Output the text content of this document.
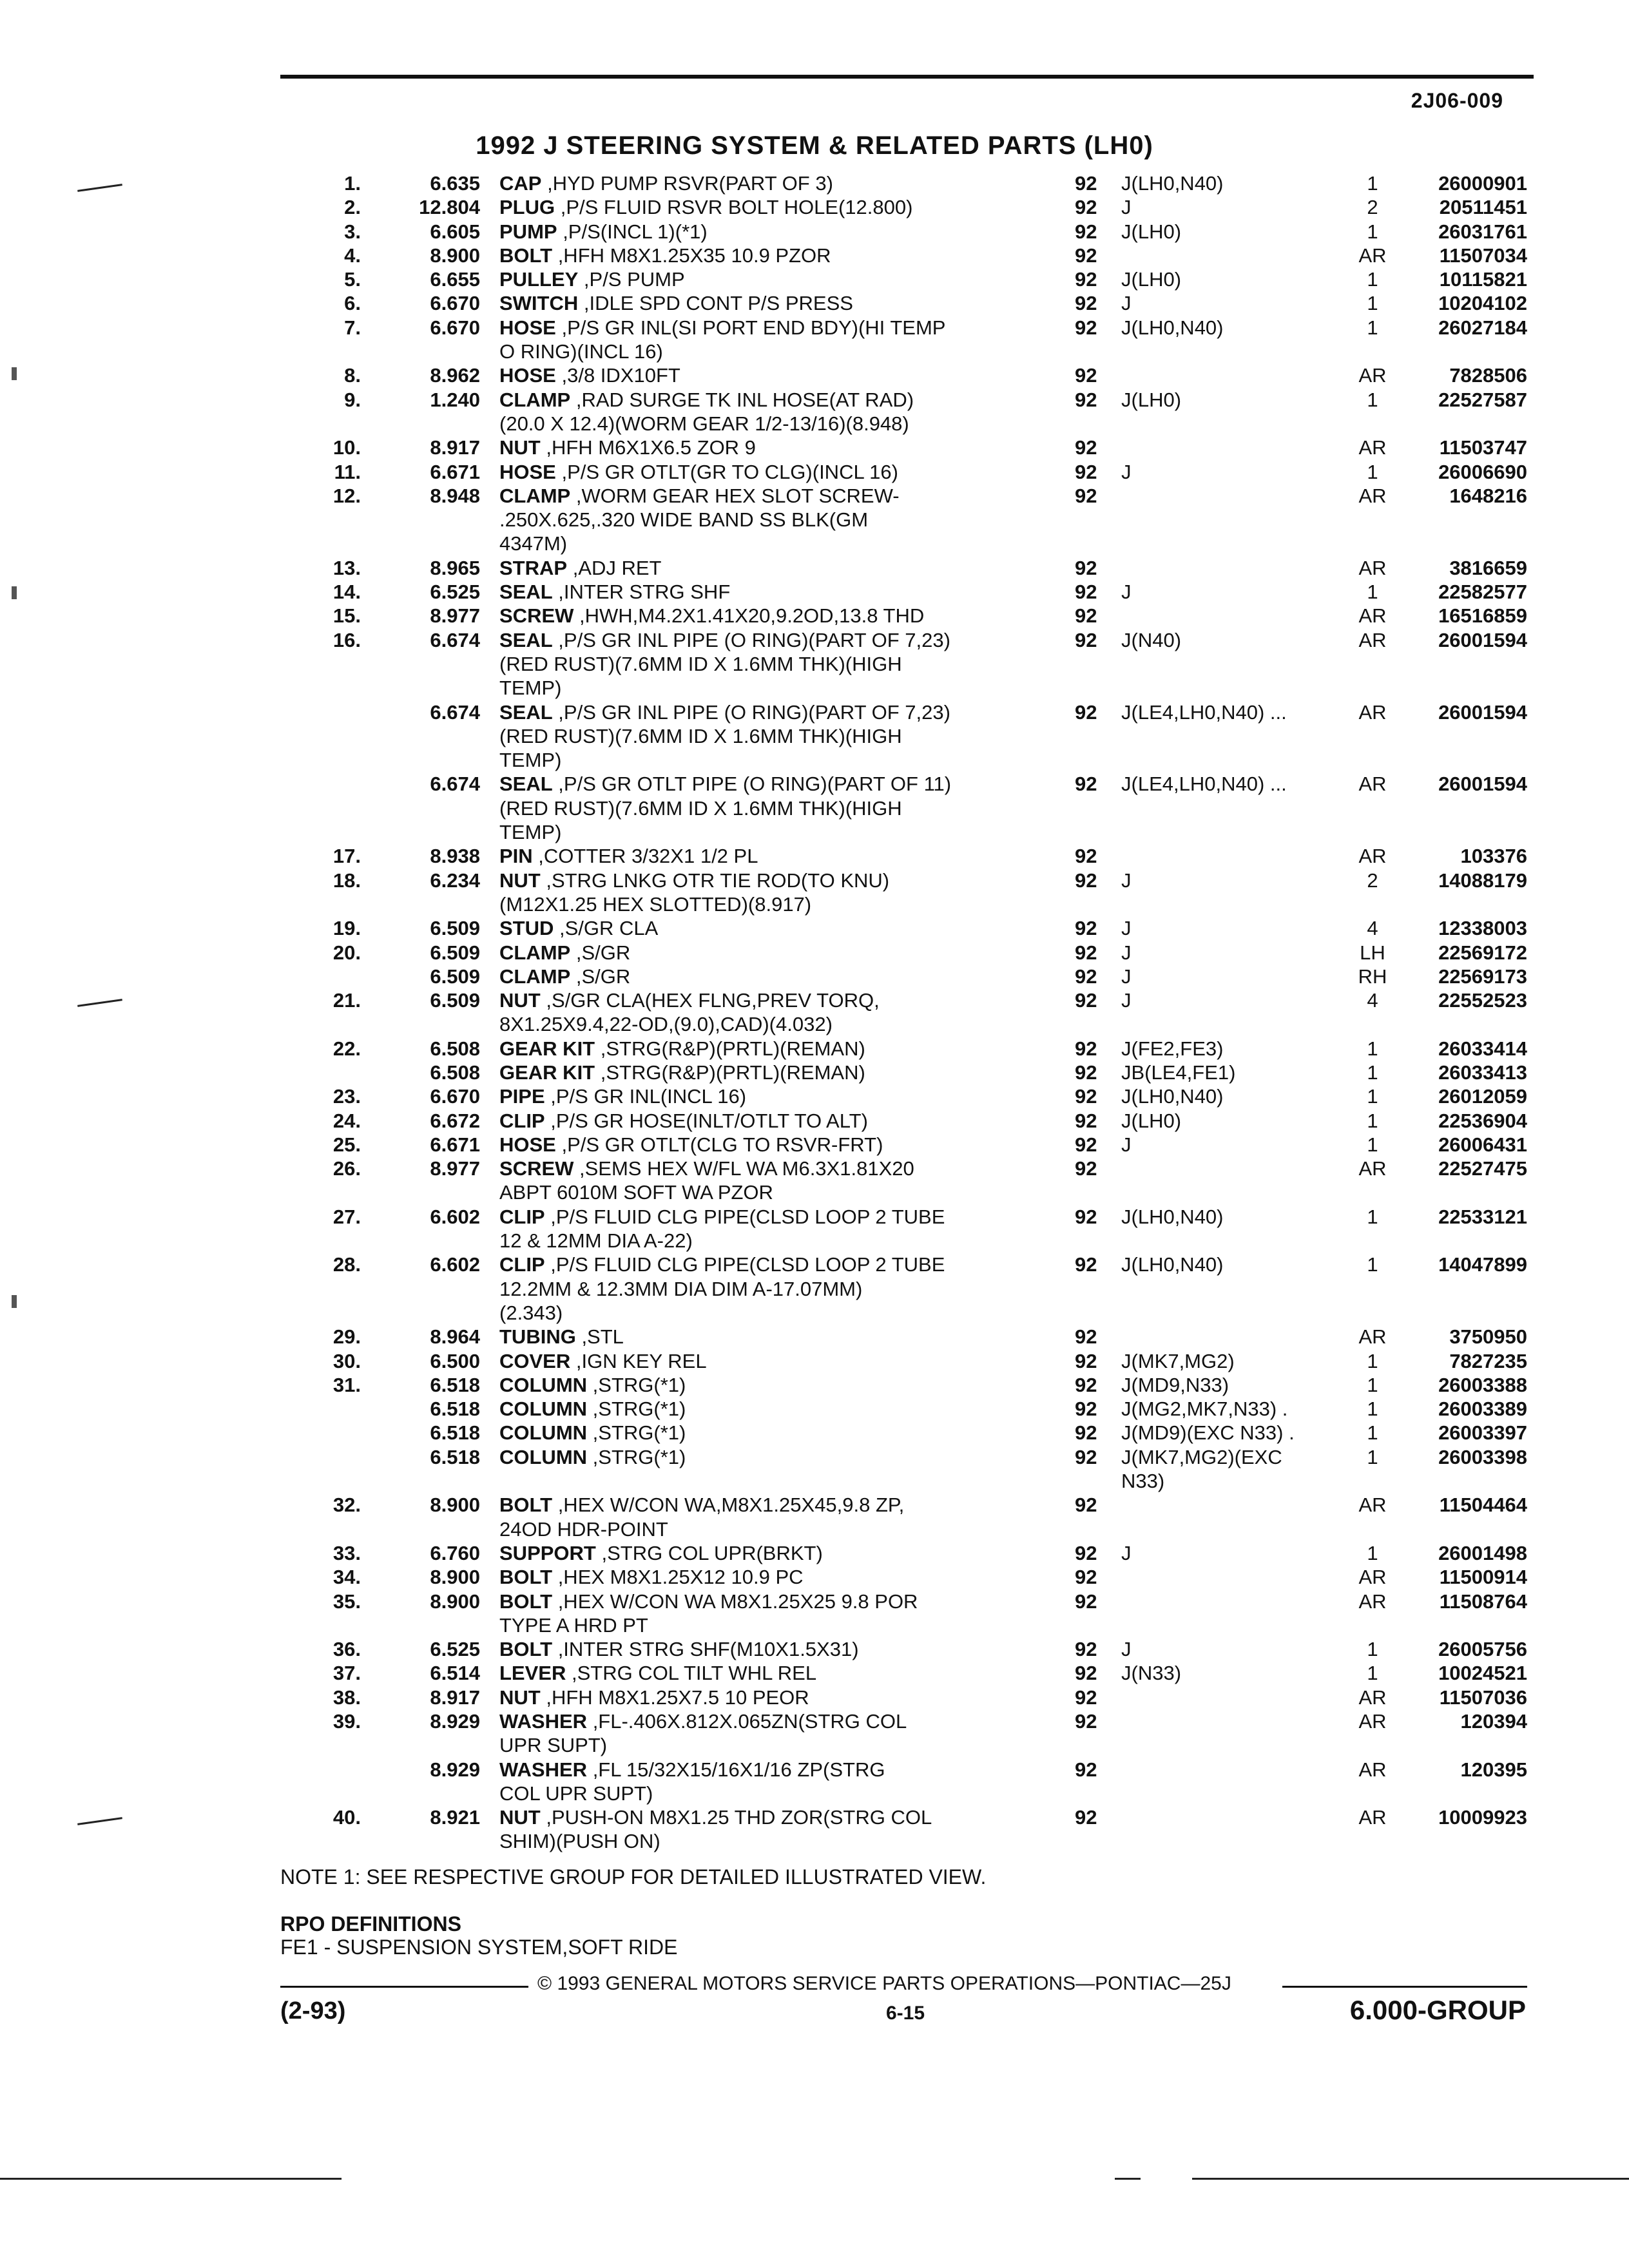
2J06-009
1992 J STEERING SYSTEM & RELATED PARTS (LH0)
1.	6.635 CAP ,HYD PUMP RSVR(PART OF 3)	92 J(LH0,N40)	1	26000901
2.	12.804 PLUG ,P/S FLUID RSVR BOLT HOLE(12.800)	92 J	2	20511451
3.	6.605 PUMP ,P/S(INCL 1)(*1)	92 J(LH0)	1	26031761
4.	8.900 BOLT ,HFH M8X1.25X35 10.9 PZOR	92	AR	11507034
5.	6.655 PULLEY ,P/S PUMP	92 J(LH0)	1	10115821
6.	6.670 SWITCH ,IDLE SPD CONT P/S PRESS	92 J	1	10204102
7.	6.670 HOSE ,P/S GR INL(SI PORT END BDY)(HI TEMP	92 J(LH0,N40)	1	26027184
O RING)(INCL 16)
8.	8.962 HOSE ,3/8 IDX10FT	92	AR	7828506
9.	1.240 CLAMP ,RAD SURGE TK INL HOSE(AT RAD)	92 J(LH0)	1	22527587
(20.0 X 12.4)(WORM GEAR 1/2-13/16)(8.948)
10.	8.917 NUT ,HFH M6X1X6.5 ZOR 9	92	AR	11503747
11.	6.671 HOSE ,P/S GR OTLT(GR TO CLG)(INCL 16)	92 J	1	26006690
12.	8.948 CLAMP ,WORM GEAR HEX SLOT SCREW-	92	AR	1648216
.250X.625,.320 WIDE BAND SS BLK(GM
4347M)
13.	8.965 STRAP ,ADJ RET	92	AR	3816659
14.	6.525 SEAL ,INTER STRG SHF	92 J	1	22582577
15.	8.977 SCREW ,HWH,M4.2X1.41X20,9.2OD,13.8 THD	92	AR	16516859
16.	6.674 SEAL ,P/S GR INL PIPE (O RING)(PART OF 7,23)	92 J(N40)	AR	26001594
(RED RUST)(7.6MM ID X 1.6MM THK)(HIGH
TEMP)
6.674 SEAL ,P/S GR INL PIPE (O RING)(PART OF 7,23)	92 J(LE4,LH0,N40) ...	AR	26001594
(RED RUST)(7.6MM ID X 1.6MM THK)(HIGH
TEMP)
6.674 SEAL ,P/S GR OTLT PIPE (O RING)(PART OF 11)	92 J(LE4,LH0,N40) ...	AR	26001594
(RED RUST)(7.6MM ID X 1.6MM THK)(HIGH
TEMP)
17.	8.938 PIN ,COTTER 3/32X1 1/2 PL	92	AR	103376
18.	6.234 NUT ,STRG LNKG OTR TIE ROD(TO KNU)	92 J	2	14088179
(M12X1.25 HEX SLOTTED)(8.917)
19.	6.509 STUD ,S/GR CLA	92 J	4	12338003
20.	6.509 CLAMP ,S/GR	92 J	LH	22569172
6.509 CLAMP ,S/GR	92 J	RH	22569173
21.	6.509 NUT ,S/GR CLA(HEX FLNG,PREV TORQ,	92 J	4	22552523
8X1.25X9.4,22-OD,(9.0),CAD)(4.032)
22.	6.508 GEAR KIT ,STRG(R&P)(PRTL)(REMAN)	92 J(FE2,FE3)	1	26033414
6.508 GEAR KIT ,STRG(R&P)(PRTL)(REMAN)	92 JB(LE4,FE1)	1	26033413
23.	6.670 PIPE ,P/S GR INL(INCL 16)	92 J(LH0,N40)	1	26012059
24.	6.672 CLIP ,P/S GR HOSE(INLT/OTLT TO ALT)	92 J(LH0)	1	22536904
25.	6.671 HOSE ,P/S GR OTLT(CLG TO RSVR-FRT)	92 J	1	26006431
26.	8.977 SCREW ,SEMS HEX W/FL WA M6.3X1.81X20	92	AR	22527475
ABPT 6010M SOFT WA PZOR
27.	6.602 CLIP ,P/S FLUID CLG PIPE(CLSD LOOP 2 TUBE	92 J(LH0,N40)	1	22533121
12 & 12MM DIA A-22)
28.	6.602 CLIP ,P/S FLUID CLG PIPE(CLSD LOOP 2 TUBE	92 J(LH0,N40)	1	14047899
12.2MM & 12.3MM DIA DIM A-17.07MM)
(2.343)
29.	8.964 TUBING ,STL	92	AR	3750950
30.	6.500 COVER ,IGN KEY REL	92 J(MK7,MG2)	1	7827235
31.	6.518 COLUMN ,STRG(*1)	92 J(MD9,N33)	1	26003388
6.518 COLUMN ,STRG(*1)	92 J(MG2,MK7,N33) .	1	26003389
6.518 COLUMN ,STRG(*1)	92 J(MD9)(EXC N33) .	1	26003397
6.518 COLUMN ,STRG(*1)	92 J(MK7,MG2)(EXC	1	26003398
N33)
32.	8.900 BOLT ,HEX W/CON WA,M8X1.25X45,9.8 ZP,	92	AR	11504464
24OD HDR-POINT
33.	6.760 SUPPORT ,STRG COL UPR(BRKT)	92 J	1	26001498
34.	8.900 BOLT ,HEX M8X1.25X12 10.9 PC	92	AR	11500914
35.	8.900 BOLT ,HEX W/CON WA M8X1.25X25 9.8 POR	92	AR	11508764
TYPE A HRD PT
36.	6.525 BOLT ,INTER STRG SHF(M10X1.5X31)	92 J	1	26005756
37.	6.514 LEVER ,STRG COL TILT WHL REL	92 J(N33)	1	10024521
38.	8.917 NUT ,HFH M8X1.25X7.5 10 PEOR	92	AR	11507036
39.	8.929 WASHER ,FL-.406X.812X.065ZN(STRG COL	92	AR	120394
UPR SUPT)
8.929 WASHER ,FL 15/32X15/16X1/16 ZP(STRG	92	AR	120395
COL UPR SUPT)
40.	8.921 NUT ,PUSH-ON M8X1.25 THD ZOR(STRG COL	92	AR	10009923
SHIM)(PUSH ON)
NOTE 1: SEE RESPECTIVE GROUP FOR DETAILED ILLUSTRATED VIEW.
RPO DEFINITIONS
FE1 - SUSPENSION SYSTEM,SOFT RIDE
© 1993 GENERAL MOTORS SERVICE PARTS OPERATIONS—PONTIAC—25J
(2-93)	6-15	6.000-GROUP
